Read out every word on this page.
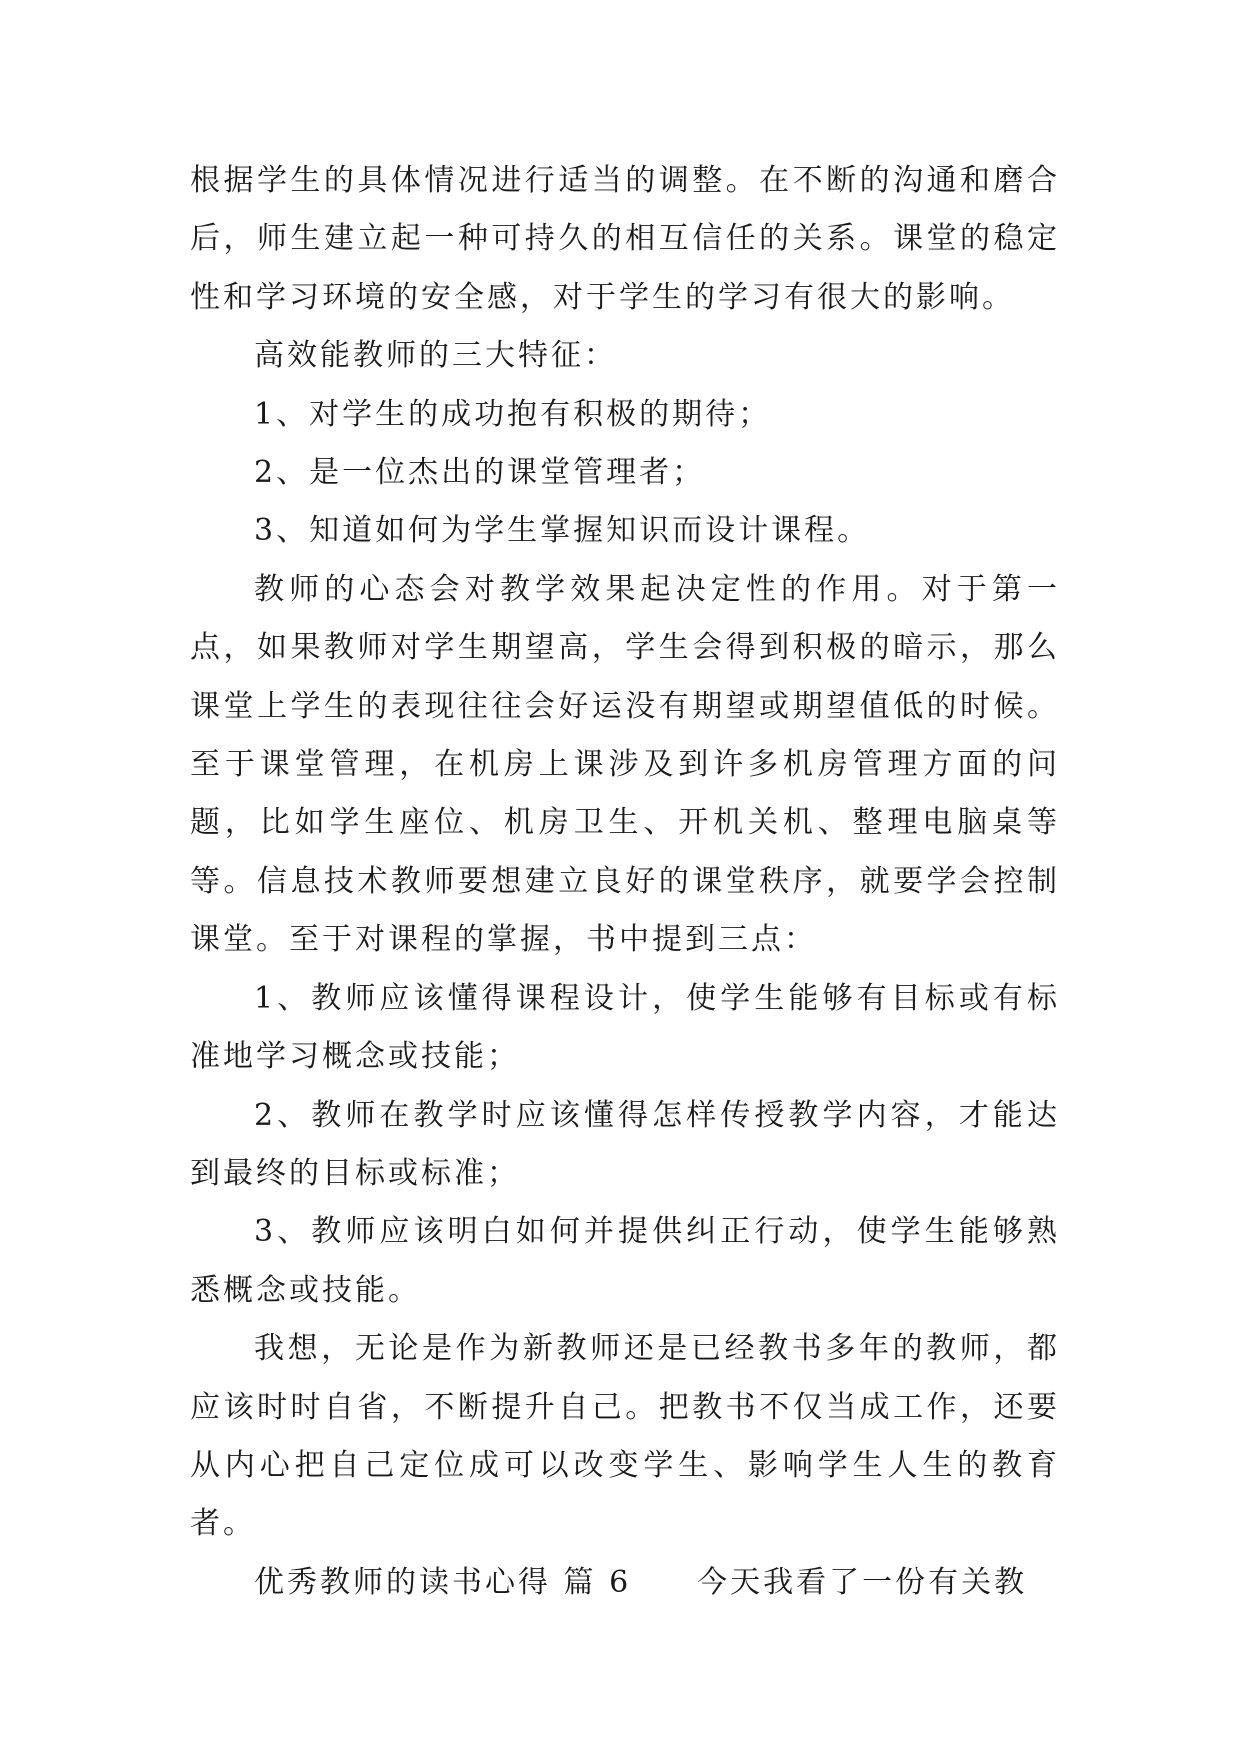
根据学生的具体情况进行适当的调整。在不断的沟通和磨合后，师生建立起一种可持久的相互信任的关系。课堂的稳定性和学习环境的安全感，对于学生的学习有很大的影响。

高效能教师的三大特征：

1、对学生的成功抱有积极的期待；

2、是一位杰出的课堂管理者；

3、知道如何为学生掌握知识而设计课程。

教师的心态会对教学效果起决定性的作用。对于第一点，如果教师对学生期望高，学生会得到积极的暗示，那么课堂上学生的表现往往会好运没有期望或期望值低的时候。至于课堂管理，在机房上课涉及到许多机房管理方面的问题，比如学生座位、机房卫生、开机关机、整理电脑桌等等。信息技术教师要想建立良好的课堂秩序，就要学会控制课堂。至于对课程的掌握，书中提到三点：

1、教师应该懂得课程设计，使学生能够有目标或有标准地学习概念或技能；

2、教师在教学时应该懂得怎样传授教学内容，才能达到最终的目标或标准；

3、教师应该明白如何并提供纠正行动，使学生能够熟悉概念或技能。

我想，无论是作为新教师还是已经教书多年的教师，都应该时时自省，不断提升自己。把教书不仅当成工作，还要从内心把自己定位成可以改变学生、影响学生人生的教育者。

优秀教师的读书心得 篇 6 今天我看了一份有关教
